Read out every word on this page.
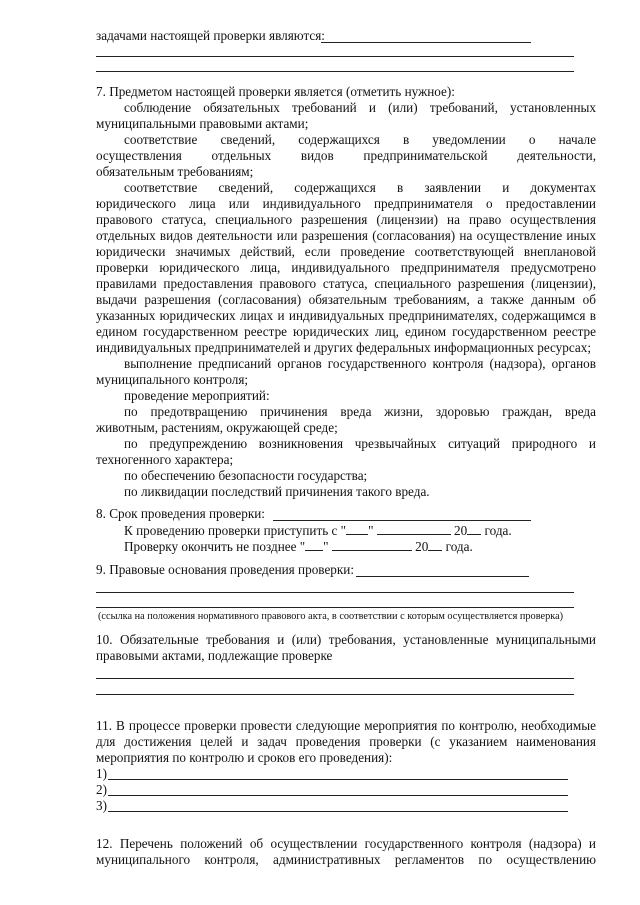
задачами настоящей проверки являются:
7. Предметом настоящей проверки является (отметить нужное):
соблюдение обязательных требований и (или) требований, установленных
муниципальными правовыми актами;
соответствие сведений, содержащихся в уведомлении о начале
осуществления отдельных видов предпринимательской деятельности,
обязательным требованиям;
соответствие сведений, содержащихся в заявлении и документах
юридического лица или индивидуального предпринимателя о предоставлении
правового статуса, специального разрешения (лицензии) на право осуществления
отдельных видов деятельности или разрешения (согласования) на осуществление иных
юридически значимых действий, если проведение соответствующей внеплановой
проверки юридического лица, индивидуального предпринимателя предусмотрено
правилами предоставления правового статуса, специального разрешения (лицензии),
выдачи разрешения (согласования) обязательным требованиям, а также данным об
указанных юридических лицах и индивидуальных предпринимателях, содержащимся в
едином государственном реестре юридических лиц, едином государственном реестре
индивидуальных предпринимателей и других федеральных информационных ресурсах;
выполнение предписаний органов государственного контроля (надзора), органов
муниципального контроля;
проведение мероприятий:
по предотвращению причинения вреда жизни, здоровью граждан, вреда
животным, растениям, окружающей среде;
по предупреждению возникновения чрезвычайных ситуаций природного и
техногенного характера;
по обеспечению безопасности государства;
по ликвидации последствий причинения такого вреда.
8. Срок проведения проверки:
К проведению проверки приступить с " "	20 года.
Проверку окончить не позднее " "	20 года.
9. Правовые основания проведения проверки:
(ссылка на положения нормативного правового акта, в соответствии с которым осуществляется проверка)
10. Обязательные требования и (или) требования, установленные муниципальными
правовыми актами, подлежащие проверке
11. В процессе проверки провести следующие мероприятия по контролю, необходимые
для достижения целей и задач проведения проверки (с указанием наименования
мероприятия по контролю и сроков его проведения):
1)
2)
3)
12. Перечень положений об осуществлении государственного контроля (надзора) и
муниципального контроля, административных регламентов по осуществлению
